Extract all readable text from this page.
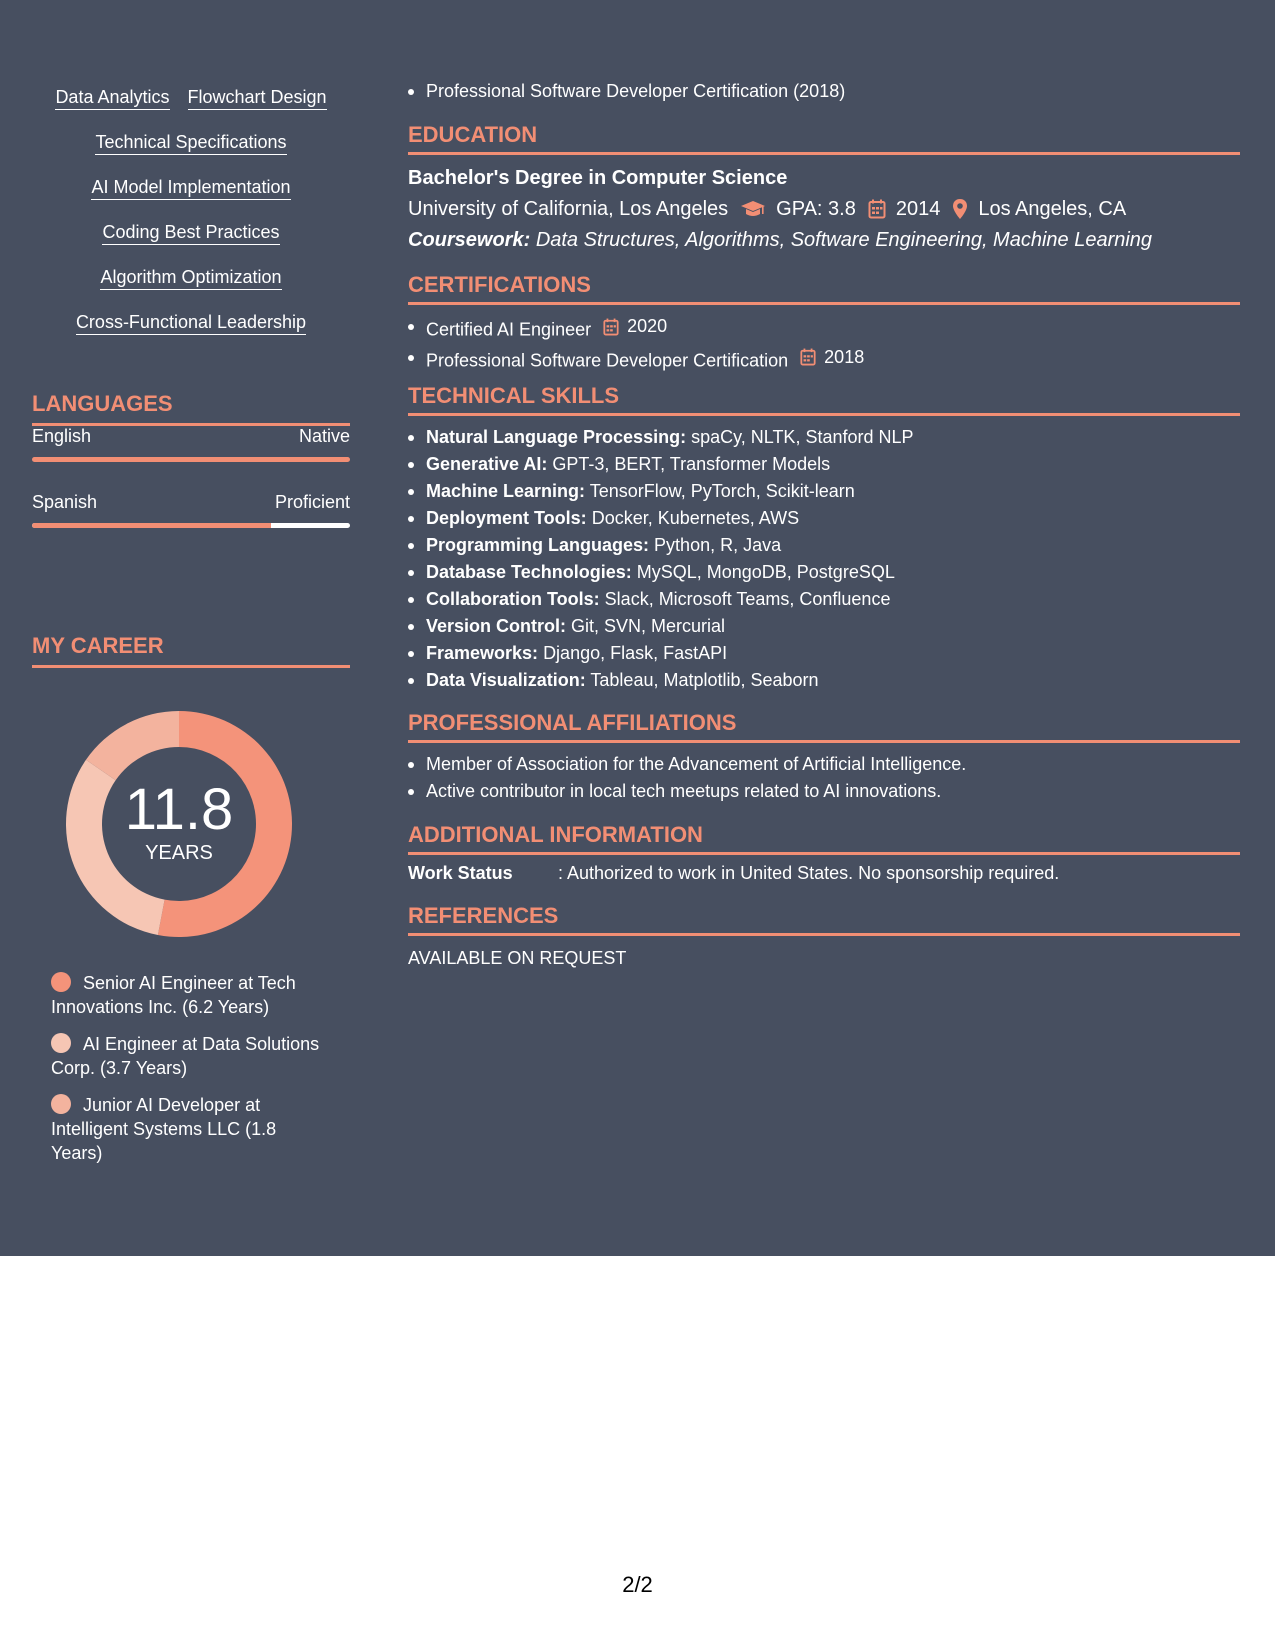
Data Analytics Flowchart Design
Technical Specifications
AI Model Implementation
Coding Best Practices
Algorithm Optimization
Cross-Functional Leadership
LANGUAGES
English	Native
Spanish	Proficient
MY CAREER
11.8
YEARS
Senior AI Engineer at Tech Innovations Inc. (6.2 Years)
AI Engineer at Data Solutions Corp. (3.7 Years)
Junior AI Developer at Intelligent Systems LLC (1.8 Years)
Professional Software Developer Certification (2018)
EDUCATION
Bachelor's Degree in Computer Science
University of California, Los Angeles GPA: 3.8 2014 Los Angeles, CA
Coursework: Data Structures, Algorithms, Software Engineering, Machine Learning
CERTIFICATIONS
Certified AI Engineer 2020
Professional Software Developer Certification 2018
TECHNICAL SKILLS
Natural Language Processing: spaCy, NLTK, Stanford NLP
Generative AI: GPT-3, BERT, Transformer Models
Machine Learning: TensorFlow, PyTorch, Scikit-learn
Deployment Tools: Docker, Kubernetes, AWS
Programming Languages: Python, R, Java
Database Technologies: MySQL, MongoDB, PostgreSQL
Collaboration Tools: Slack, Microsoft Teams, Confluence
Version Control: Git, SVN, Mercurial
Frameworks: Django, Flask, FastAPI
Data Visualization: Tableau, Matplotlib, Seaborn
PROFESSIONAL AFFILIATIONS
Member of Association for the Advancement of Artificial Intelligence.
Active contributor in local tech meetups related to AI innovations.
ADDITIONAL INFORMATION
Work Status	: Authorized to work in United States. No sponsorship required.
REFERENCES
AVAILABLE ON REQUEST
2/2
